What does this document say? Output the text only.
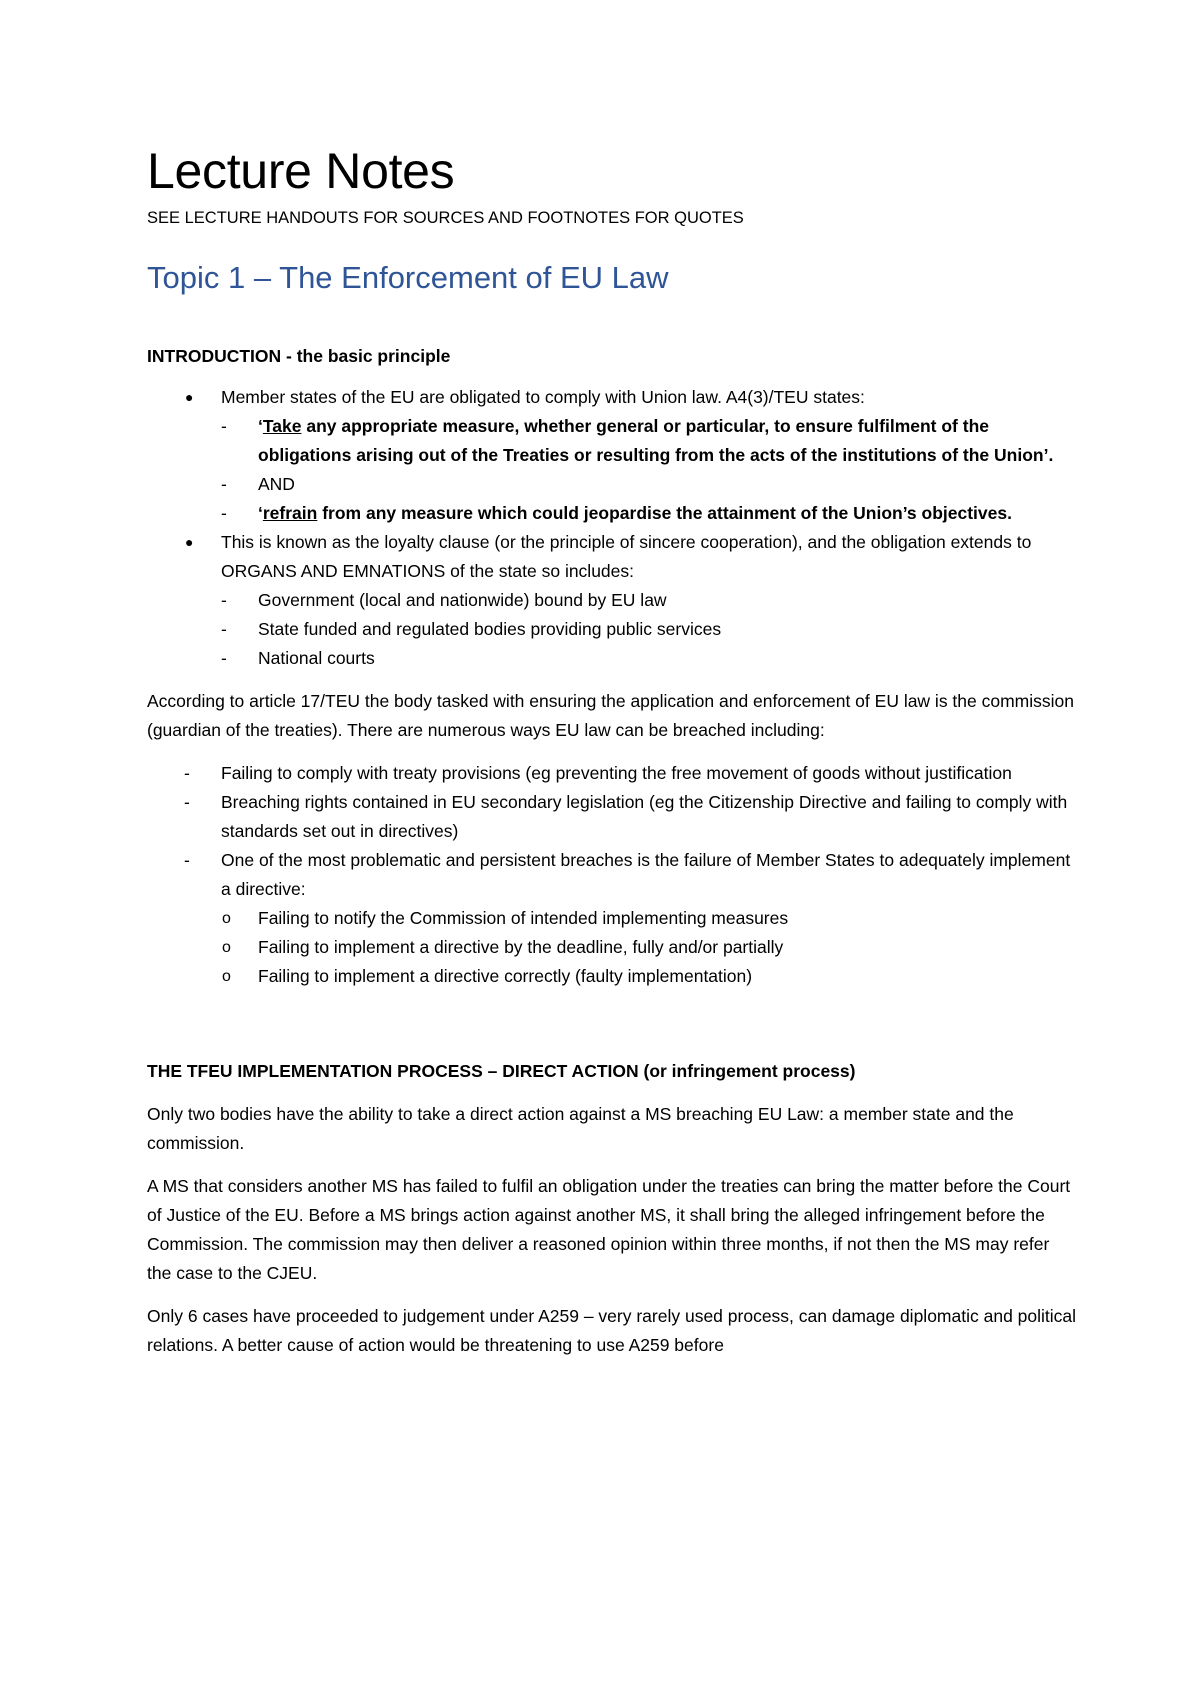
Lecture Notes

SEE LECTURE HANDOUTS FOR SOURCES AND FOOTNOTES FOR QUOTES

Topic 1 – The Enforcement of EU Law

INTRODUCTION - the basic principle

● Member states of the EU are obligated to comply with Union law. A4(3)/TEU states:
- ‘Take any appropriate measure, whether general or particular, to ensure fulfilment of the obligations arising out of the Treaties or resulting from the acts of the institutions of the Union’.
- AND
- ‘refrain from any measure which could jeopardise the attainment of the Union’s objectives.
● This is known as the loyalty clause (or the principle of sincere cooperation), and the obligation extends to ORGANS AND EMNATIONS of the state so includes:
- Government (local and nationwide) bound by EU law
- State funded and regulated bodies providing public services
- National courts

According to article 17/TEU the body tasked with ensuring the application and enforcement of EU law is the commission (guardian of the treaties). There are numerous ways EU law can be breached including:

- Failing to comply with treaty provisions (eg preventing the free movement of goods without justification
- Breaching rights contained in EU secondary legislation (eg the Citizenship Directive and failing to comply with standards set out in directives)
- One of the most problematic and persistent breaches is the failure of Member States to adequately implement a directive:
o Failing to notify the Commission of intended implementing measures
o Failing to implement a directive by the deadline, fully and/or partially
o Failing to implement a directive correctly (faulty implementation)

THE TFEU IMPLEMENTATION PROCESS – DIRECT ACTION (or infringement process)

Only two bodies have the ability to take a direct action against a MS breaching EU Law: a member state and the commission.

A MS that considers another MS has failed to fulfil an obligation under the treaties can bring the matter before the Court of Justice of the EU. Before a MS brings action against another MS, it shall bring the alleged infringement before the Commission. The commission may then deliver a reasoned opinion within three months, if not then the MS may refer the case to the CJEU.

Only 6 cases have proceeded to judgement under A259 – very rarely used process, can damage diplomatic and political relations. A better cause of action would be threatening to use A259 before
